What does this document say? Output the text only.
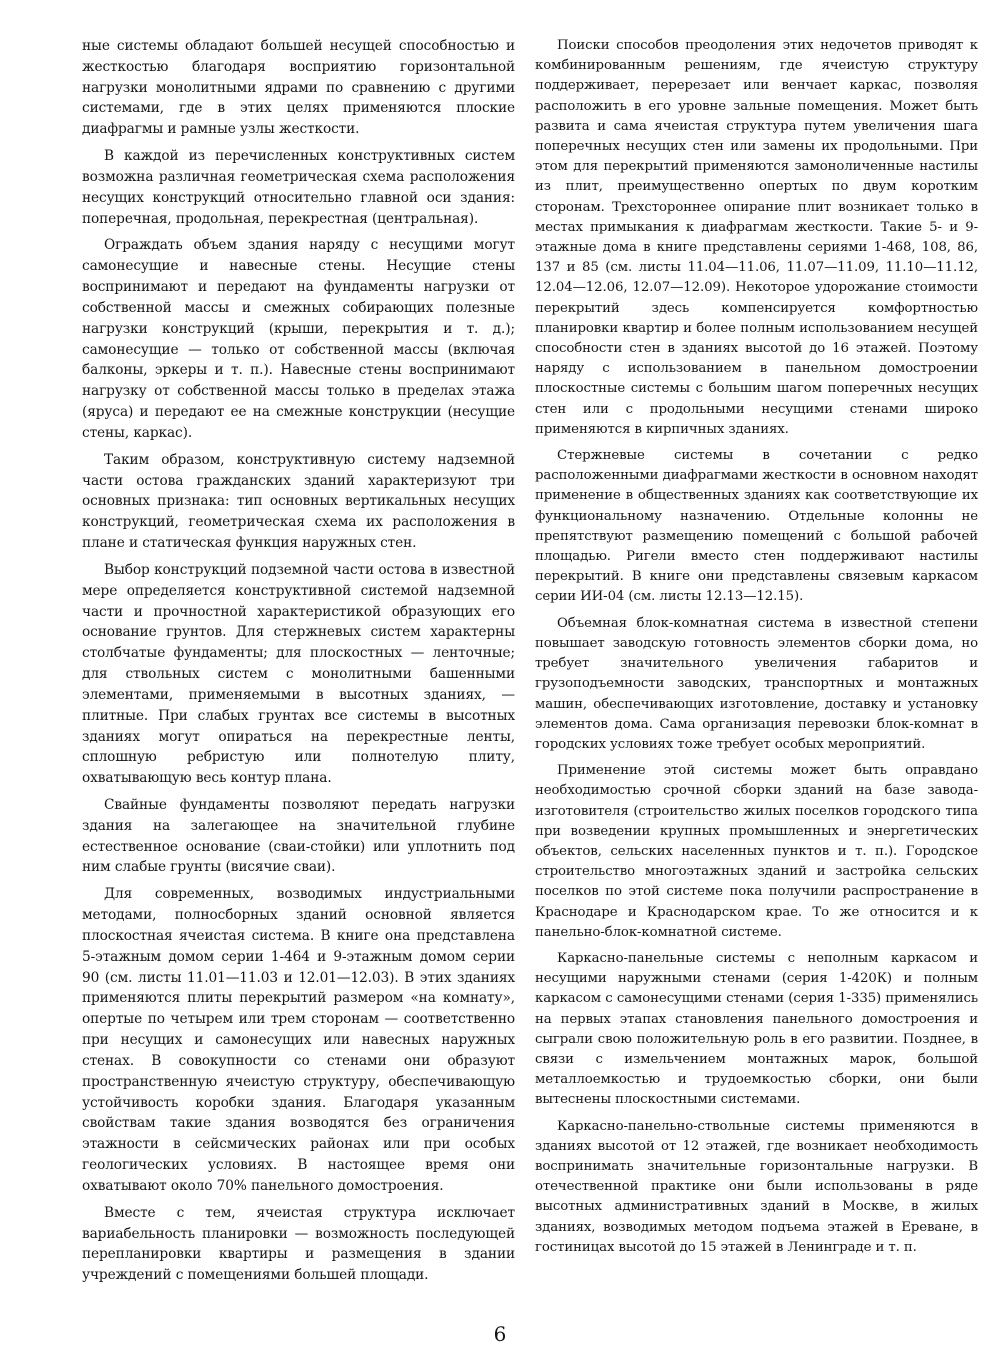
ные системы обладают большей несущей способностью и жесткостью благодаря восприятию горизонтальной нагрузки монолитными ядрами по сравнению с другими системами, где в этих целях применяются плоские диафрагмы и рамные узлы жесткости.

В каждой из перечисленных конструктивных систем возможна различная геометрическая схема расположения несущих конструкций относительно главной оси здания: поперечная, продольная, перекрестная (центральная).

Ограждать объем здания наряду с несущими могут самонесущие и навесные стены. Несущие стены воспринимают и передают на фундаменты нагрузки от собственной массы и смежных собирающих полезные нагрузки конструкций (крыши, перекрытия и т. д.); самонесущие — только от собственной массы (включая балконы, эркеры и т. п.). Навесные стены воспринимают нагрузку от собственной массы только в пределах этажа (яруса) и передают ее на смежные конструкции (несущие стены, каркас).

Таким образом, конструктивную систему надземной части остова гражданских зданий характеризуют три основных признака: тип основных вертикальных несущих конструкций, геометрическая схема их расположения в плане и статическая функция наружных стен.

Выбор конструкций подземной части остова в известной мере определяется конструктивной системой надземной части и прочностной характеристикой образующих его основание грунтов. Для стержневых систем характерны столбчатые фундаменты; для плоскостных — ленточные; для ствольных систем с монолитными башенными элементами, применяемыми в высотных зданиях, — плитные. При слабых грунтах все системы в высотных зданиях могут опираться на перекрестные ленты, сплошную ребристую или полнотелую плиту, охватывающую весь контур плана.

Свайные фундаменты позволяют передать нагрузки здания на залегающее на значительной глубине естественное основание (сваи-стойки) или уплотнить под ним слабые грунты (висячие сваи).

Для современных, возводимых индустриальными методами, полносборных зданий основной является плоскостная ячеистая система. В книге она представлена 5-этажным домом серии 1-464 и 9-этажным домом серии 90 (см. листы 11.01—11.03 и 12.01—12.03). В этих зданиях применяются плиты перекрытий размером «на комнату», опертые по четырем или трем сторонам — соответственно при несущих и самонесущих или навесных наружных стенах. В совокупности со стенами они образуют пространственную ячеистую структуру, обеспечивающую устойчивость коробки здания. Благодаря указанным свойствам такие здания возводятся без ограничения этажности в сейсмических районах или при особых геологических условиях. В настоящее время они охватывают около 70% панельного домостроения.

Вместе с тем, ячеистая структура исключает вариабельность планировки — возможность последующей перепланировки квартиры и размещения в здании учреждений с помещениями большей площади.

Поиски способов преодоления этих недочетов приводят к комбинированным решениям, где ячеистую структуру поддерживает, перерезает или венчает каркас, позволяя расположить в его уровне зальные помещения. Может быть развита и сама ячеистая структура путем увеличения шага поперечных несущих стен или замены их продольными. При этом для перекрытий применяются замоноличенные настилы из плит, преимущественно опертых по двум коротким сторонам. Трехстороннее опирание плит возникает только в местах примыкания к диафрагмам жесткости. Такие 5- и 9-этажные дома в книге представлены сериями 1-468, 108, 86, 137 и 85 (см. листы 11.04—11.06, 11.07—11.09, 11.10—11.12, 12.04—12.06, 12.07—12.09). Некоторое удорожание стоимости перекрытий здесь компенсируется комфортностью планировки квартир и более полным использованием несущей способности стен в зданиях высотой до 16 этажей. Поэтому наряду с использованием в панельном домостроении плоскостные системы с большим шагом поперечных несущих стен или с продольными несущими стенами широко применяются в кирпичных зданиях.

Стержневые системы в сочетании с редко расположенными диафрагмами жесткости в основном находят применение в общественных зданиях как соответствующие их функциональному назначению. Отдельные колонны не препятствуют размещению помещений с большой рабочей площадью. Ригели вместо стен поддерживают настилы перекрытий. В книге они представлены связевым каркасом серии ИИ-04 (см. листы 12.13—12.15).

Объемная блок-комнатная система в известной степени повышает заводскую готовность элементов сборки дома, но требует значительного увеличения габаритов и грузоподъемности заводских, транспортных и монтажных машин, обеспечивающих изготовление, доставку и установку элементов дома. Сама организация перевозки блок-комнат в городских условиях тоже требует особых мероприятий.

Применение этой системы может быть оправдано необходимостью срочной сборки зданий на базе завода-изготовителя (строительство жилых поселков городского типа при возведении крупных промышленных и энергетических объектов, сельских населенных пунктов и т. п.). Городское строительство многоэтажных зданий и застройка сельских поселков по этой системе пока получили распространение в Краснодаре и Краснодарском крае. То же относится и к панельно-блок-комнатной системе.

Каркасно-панельные системы с неполным каркасом и несущими наружными стенами (серия 1-420К) и полным каркасом с самонесущими стенами (серия 1-335) применялись на первых этапах становления панельного домостроения и сыграли свою положительную роль в его развитии. Позднее, в связи с измельчением монтажных марок, большой металлоемкостью и трудоемкостью сборки, они были вытеснены плоскостными системами.

Каркасно-панельно-ствольные системы применяются в зданиях высотой от 12 этажей, где возникает необходимость воспринимать значительные горизонтальные нагрузки. В отечественной практике они были использованы в ряде высотных административных зданий в Москве, в жилых зданиях, возводимых методом подъема этажей в Ереване, в гостиницах высотой до 15 этажей в Ленинграде и т. п.

6
